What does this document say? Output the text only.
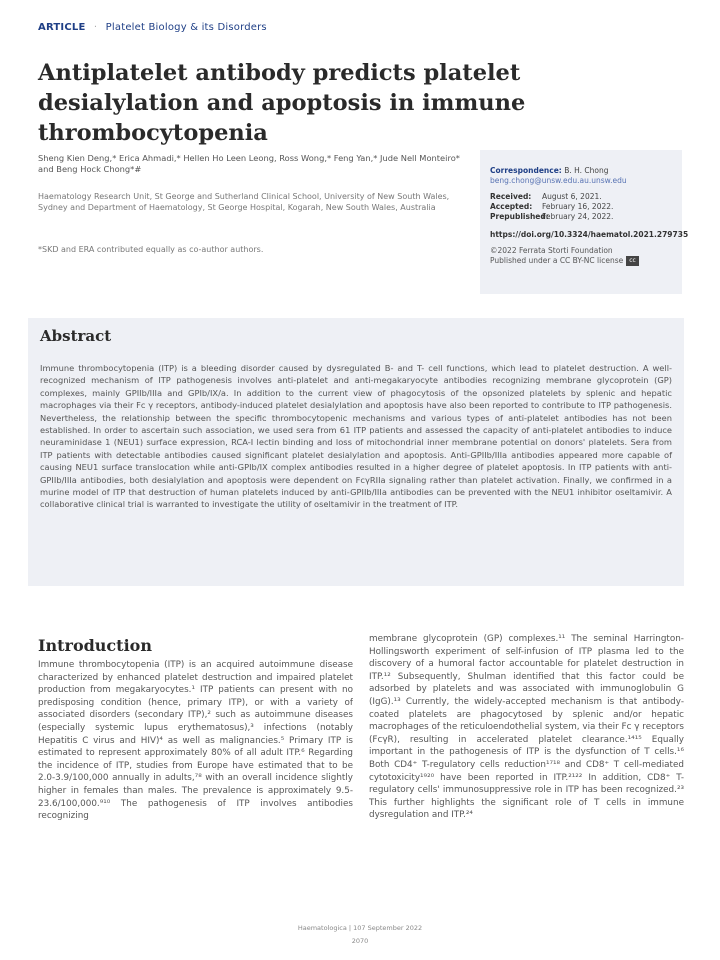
ARTICLE · Platelet Biology & its Disorders
Antiplatelet antibody predicts platelet desialylation and apoptosis in immune thrombocytopenia
Sheng Kien Deng,* Erica Ahmadi,* Hellen Ho Leen Leong, Ross Wong,* Feng Yan,* Jude Nell Monteiro* and Beng Hock Chong*#
Haematology Research Unit, St George and Sutherland Clinical School, University of New South Wales, Sydney and Department of Haematology, St George Hospital, Kogarah, New South Wales, Australia
*SKD and ERA contributed equally as co-author authors.
Correspondence: B. H. Chong
beng.chong@unsw.edu.au.unsw.edu
Received:	August 6, 2021.
Accepted:	February 16, 2022.
Prepublished:
February 24, 2022.
https://doi.org/10.3324/haematol.2021.279735
©2022 Ferrata Storti Foundation
Published under a CC BY-NC license cc
Abstract
Immune thrombocytopenia (ITP) is a bleeding disorder caused by dysregulated B- and T- cell functions, which lead to platelet destruction. A well-recognized mechanism of ITP pathogenesis involves anti-platelet and anti-megakaryocyte antibodies recognizing membrane glycoprotein (GP) complexes, mainly GPIIb/IIIa and GPIb/IX/a. In addition to the current view of phagocytosis of the opsonized platelets by splenic and hepatic macrophages via their Fc γ receptors, antibody-induced platelet desialylation and apoptosis have also been reported to contribute to ITP pathogenesis. Nevertheless, the relationship between the specific thrombocytopenic mechanisms and various types of anti-platelet antibodies has not been established. In order to ascertain such association, we used sera from 61 ITP patients and assessed the capacity of anti-platelet antibodies to induce neuraminidase 1 (NEU1) surface expression, RCA-I lectin binding and loss of mitochondrial inner membrane potential on donors' platelets. Sera from ITP patients with detectable antibodies caused significant platelet desialylation and apoptosis. Anti-GPIIb/IIIa antibodies appeared more capable of causing NEU1 surface translocation while anti-GPIb/IX complex antibodies resulted in a higher degree of platelet apoptosis. In ITP patients with anti-GPIIb/IIIa antibodies, both desialylation and apoptosis were dependent on FcγRIIa signaling rather than platelet activation. Finally, we confirmed in a murine model of ITP that destruction of human platelets induced by anti-GPIIb/IIIa antibodies can be prevented with the NEU1 inhibitor oseltamivir. A collaborative clinical trial is warranted to investigate the utility of oseltamivir in the treatment of ITP.
Introduction
Immune thrombocytopenia (ITP) is an acquired autoimmune disease characterized by enhanced platelet destruction and impaired platelet production from megakaryocytes.¹ ITP patients can present with no predisposing condition (hence, primary ITP), or with a variety of associated disorders (secondary ITP),² such as autoimmune diseases (especially systemic lupus erythematosus),³ infections (notably Hepatitis C virus and HIV)⁴ as well as malignancies.⁵ Primary ITP is estimated to represent approximately 80% of all adult ITP.⁶ Regarding the incidence of ITP, studies from Europe have estimated that to be 2.0-3.9/100,000 annually in adults,⁷⁸ with an overall incidence slightly higher in females than males. The prevalence is approximately 9.5-23.6/100,000.⁹¹⁰ The pathogenesis of ITP involves antibodies recognizing
membrane glycoprotein (GP) complexes.¹¹ The seminal Harrington-Hollingsworth experiment of self-infusion of ITP plasma led to the discovery of a humoral factor accountable for platelet destruction in ITP.¹² Subsequently, Shulman identified that this factor could be adsorbed by platelets and was associated with immunoglobulin G (IgG).¹³ Currently, the widely-accepted mechanism is that antibody-coated platelets are phagocytosed by splenic and/or hepatic macrophages of the reticuloendothelial system, via their Fc γ receptors (FcγR), resulting in accelerated platelet clearance.¹⁴¹⁵ Equally important in the pathogenesis of ITP is the dysfunction of T cells.¹⁶ Both CD4⁺ T-regulatory cells reduction¹⁷¹⁸ and CD8⁺ T cell-mediated cytotoxicity¹⁹²⁰ have been reported in ITP.²¹²² In addition, CD8⁺ T-regulatory cells' immunosuppressive role in ITP has been recognized.²³ This further highlights the significant role of T cells in immune dysregulation and ITP.²⁴
Haematologica | 107 September 2022
2070
